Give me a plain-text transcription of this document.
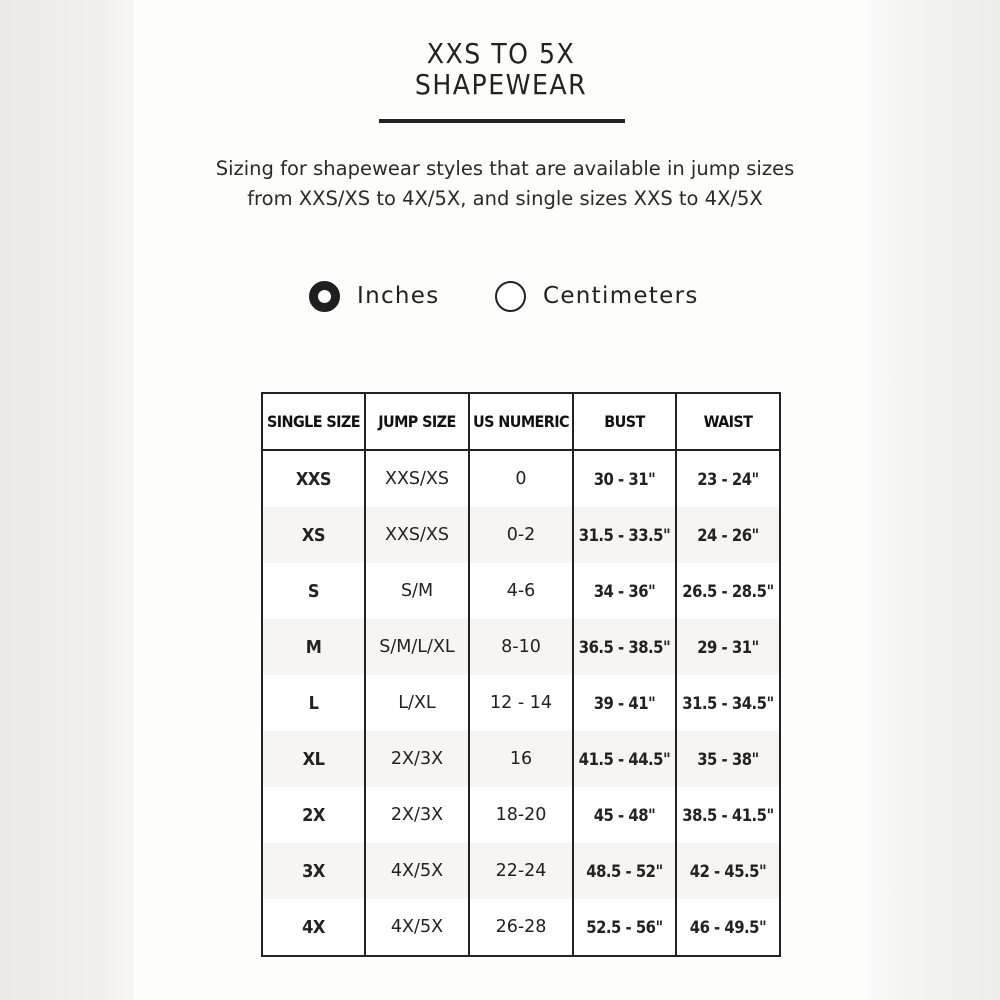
XXS TO 5X
SHAPEWEAR

Sizing for shapewear styles that are available in jump sizes from XXS/XS to 4X/5X, and single sizes XXS to 4X/5X

Inches	Centimeters
SINGLE SIZE	JUMP SIZE	US NUMERIC	BUST	WAIST
XXS	XXS/XS	0	30 - 31"	23 - 24"
XS	XXS/XS	0-2	31.5 - 33.5"	24 - 26"
S	S/M	4-6	34 - 36"	26.5 - 28.5"
M	S/M/L/XL	8-10	36.5 - 38.5"	29 - 31"
L	L/XL	12 - 14	39 - 41"	31.5 - 34.5"
XL	2X/3X	16	41.5 - 44.5"	35 - 38"
2X	2X/3X	18-20	45 - 48"	38.5 - 41.5"
3X	4X/5X	22-24	48.5 - 52"	42 - 45.5"
4X	4X/5X	26-28	52.5 - 56"	46 - 49.5"
